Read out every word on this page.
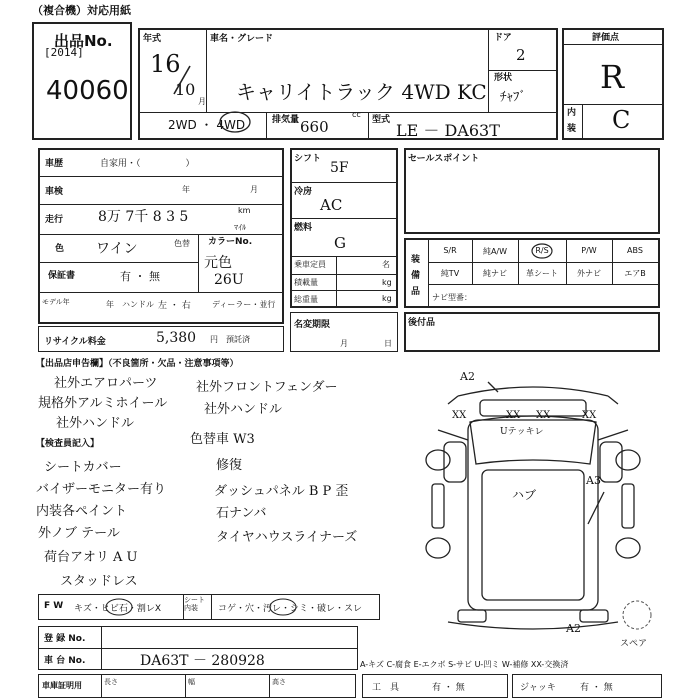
（複合機）対応用紙
出品No.
[2014]
40060
年式
16
10
月
車名・グレード
キャリイトラック 4WD KC
ドア
2
形状
ﾁｬﾌﾞ
2WD ・ 4WD	排気量
cc
660	型式
LE － DA63T
評価点
R
内
装 C
車歴	自家用・（　　　　　）
車検	年	月
走行 8万 7千 8 3 5	km
ﾏｲﾙ
色 ワイン	色替 カラーNo.
元色
26U
保証書	有 ・ 無
モデル年	年 ハンドル 左 ・ 右	ディーラー・並行
リサイクル料金	5,380 円 預託済
シフト
5F
冷房
AC
燃料
G
乗車定員	名
積載量	kg
総重量	kg
名変期限
月	日
セールスポイント
装
備
品
S/R	純A/W	R/S	P/W	ABS
純TV	純ナビ	革シート	外ナビ	エアB
ナビ型番：
後付品
【出品店申告欄】（不良箇所・欠品・注意事項等）
【検査員記入】
社外エアロパーツ	社外フロントフェンダー
規格外アルミホイール	社外ハンドル
社外ハンドル
色替車 W3
シートカバー	修復
バイザーモニター有り	ダッシュパネル B P 歪
内装各ペイント	石ナンバ
外ノブ テール	タイヤハウスライナーズ
荷台アオリ A U
スタッドレス
A2
XX	XX XX	XX
Uテッキレ
ハブ
A3
A2
スペア
F W キズ・ヒビ石・割レX
シート内装	コゲ・穴・汚レ・シミ・破レ・スレ
登 録 No.
車 台 No.	DA63T － 280928	A-キズ C-腐食 E-エクボ S-サビ U-凹ミ W-補修 XX-交換済
車庫証明用	長さ	幅	高さ
工　具	有 ・ 無	ジャッキ	有 ・ 無
